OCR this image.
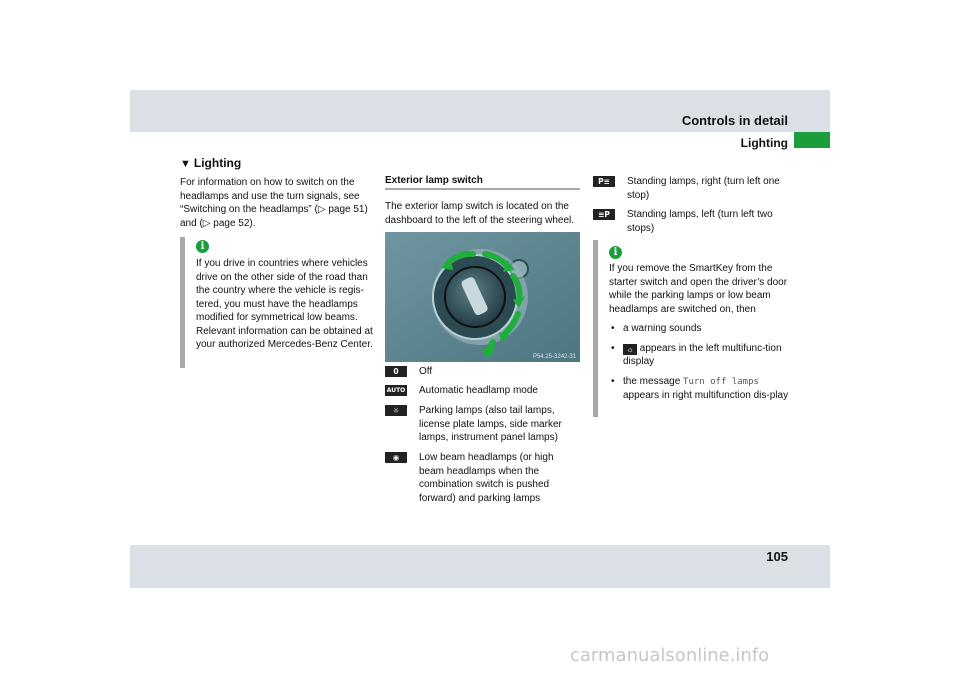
Controls in detail
Lighting
▼ Lighting
For information on how to switch on the headlamps and use the turn signals, see “Switching on the headlamps” (▷ page 51) and (▷ page 52).
i
If you drive in countries where vehicles drive on the other side of the road than the country where the vehicle is regis-tered, you must have the headlamps modified for symmetrical low beams. Relevant information can be obtained at your authorized Mercedes-Benz Center.
Exterior lamp switch
The exterior lamp switch is located on the dashboard to the left of the steering wheel.
P54.25-3242-31
0	Off
AUTO Automatic headlamp mode
☼	Parking lamps (also tail lamps, license plate lamps, side marker lamps, instrument panel lamps)
◉	Low beam headlamps (or high beam headlamps when the combination switch is pushed forward) and parking lamps
P≡	Standing lamps, right (turn left one stop)
≡P	Standing lamps, left (turn left two stops)
i
If you remove the SmartKey from the starter switch and open the driver’s door while the parking lamps or low beam headlamps are switched on, then
• a warning sounds
• ☼ appears in the left multifunc-tion display
• the message Turn off lamps appears in right multifunction dis-play
105
carmanualsonline.info
